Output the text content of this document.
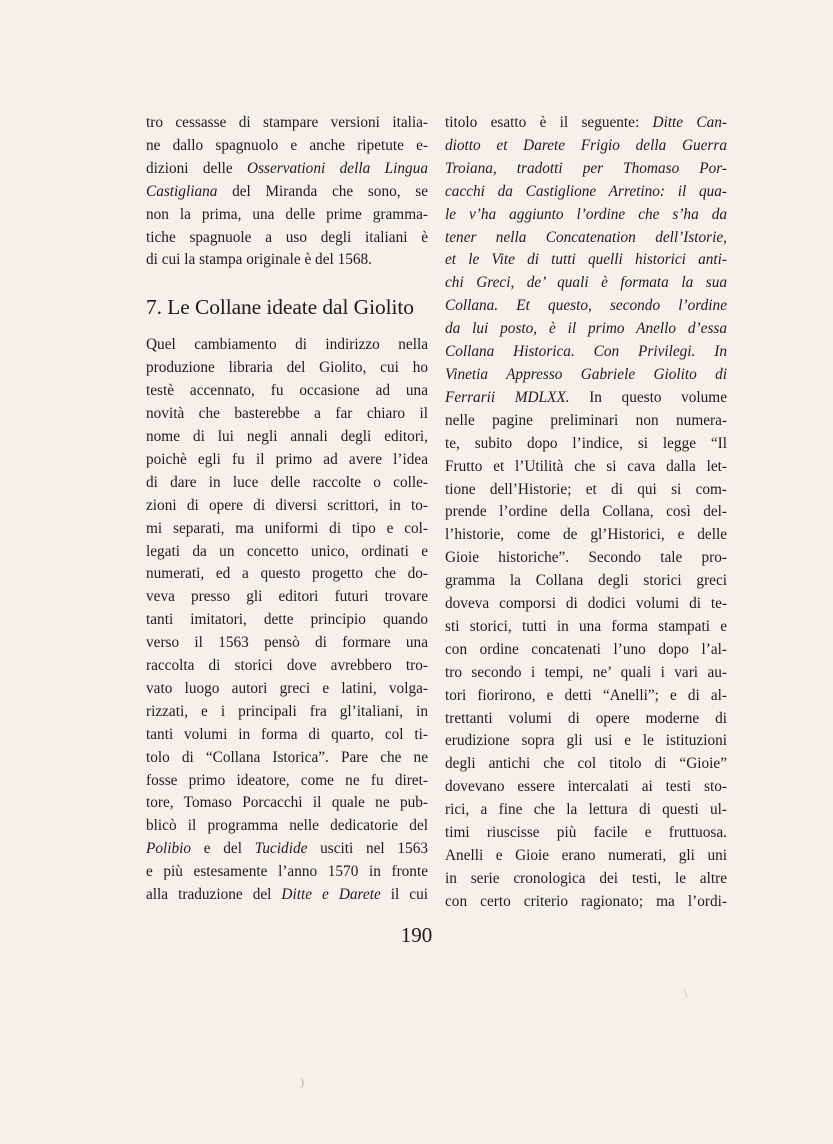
tro cessasse di stampare versioni italia-
ne dallo spagnuolo e anche ripetute e-
dizioni delle Osservationi della Lingua
Castigliana del Miranda che sono, se
non la prima, una delle prime gramma-
tiche spagnuole a uso degli italiani è
di cui la stampa originale è del 1568.
7. Le Collane ideate dal Giolito
Quel cambiamento di indirizzo nella
produzione libraria del Giolito, cui ho
testè accennato, fu occasione ad una
novità che basterebbe a far chiaro il
nome di lui negli annali degli editori,
poichè egli fu il primo ad avere l’idea
di dare in luce delle raccolte o colle-
zioni di opere di diversi scrittori, in to-
mi separati, ma uniformi di tipo e col-
legati da un concetto unico, ordinati e
numerati, ed a questo progetto che do-
veva presso gli editori futuri trovare
tanti imitatori, dette principio quando
verso il 1563 pensò di formare una
raccolta di storici dove avrebbero tro-
vato luogo autori greci e latini, volga-
rizzati, e i principali fra gl’italiani, in
tanti volumi in forma di quarto, col ti-
tolo di “Collana Istorica”. Pare che ne
fosse primo ideatore, come ne fu diret-
tore, Tomaso Porcacchi il quale ne pub-
blicò il programma nelle dedicatorie del
Polibio e del Tucidide usciti nel 1563
e più estesamente l’anno 1570 in fronte
alla traduzione del Ditte e Darete il cui
titolo esatto è il seguente: Ditte Can-
diotto et Darete Frigio della Guerra
Troiana, tradotti per Thomaso Por-
cacchi da Castiglione Arretino: il qua-
le v’ha aggiunto l’ordine che s’ha da
tener nella Concatenation dell’Istorie,
et le Vite di tutti quelli historici anti-
chi Greci, de’ quali è formata la sua
Collana. Et questo, secondo l’ordine
da lui posto, è il primo Anello d’essa
Collana Historica. Con Privilegi. In
Vinetia Appresso Gabriele Giolito di
Ferrarii MDLXX. In questo volume
nelle pagine preliminari non numera-
te, subito dopo l’indice, si legge “Il
Frutto et l’Utilità che si cava dalla let-
tione dell’Historie; et di qui si com-
prende l’ordine della Collana, così del-
l’historie, come de gl’Historici, e delle
Gioie historiche”. Secondo tale pro-
gramma la Collana degli storici greci
doveva comporsi di dodici volumi di te-
sti storici, tutti in una forma stampati e
con ordine concatenati l’uno dopo l’al-
tro secondo i tempi, ne’ quali i vari au-
tori fiorirono, e detti “Anelli”; e di al-
trettanti volumi di opere moderne di
erudizione sopra gli usi e le istituzioni
degli antichi che col titolo di “Gioie”
dovevano essere intercalati ai testi sto-
rici, a fine che la lettura di questi ul-
timi riuscisse più facile e fruttuosa.
Anelli e Gioie erano numerati, gli uni
in serie cronologica dei testi, le altre
con certo criterio ragionato; ma l’ordi-
190
\
)
